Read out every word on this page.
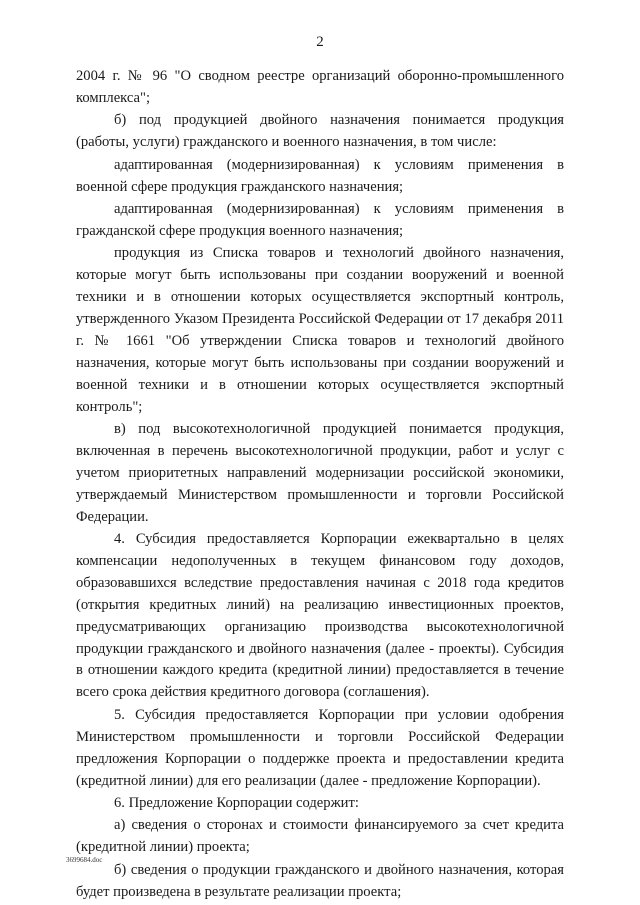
2

2004 г. № 96 "О сводном реестре организаций оборонно-промышленного комплекса";

б) под продукцией двойного назначения понимается продукция (работы, услуги) гражданского и военного назначения, в том числе:

адаптированная (модернизированная) к условиям применения в военной сфере продукция гражданского назначения;

адаптированная (модернизированная) к условиям применения в гражданской сфере продукция военного назначения;

продукция из Списка товаров и технологий двойного назначения, которые могут быть использованы при создании вооружений и военной техники и в отношении которых осуществляется экспортный контроль, утвержденного Указом Президента Российской Федерации от 17 декабря 2011 г. № 1661 "Об утверждении Списка товаров и технологий двойного назначения, которые могут быть использованы при создании вооружений и военной техники и в отношении которых осуществляется экспортный контроль";

в) под высокотехнологичной продукцией понимается продукция, включенная в перечень высокотехнологичной продукции, работ и услуг с учетом приоритетных направлений модернизации российской экономики, утверждаемый Министерством промышленности и торговли Российской Федерации.

4. Субсидия предоставляется Корпорации ежеквартально в целях компенсации недополученных в текущем финансовом году доходов, образовавшихся вследствие предоставления начиная с 2018 года кредитов (открытия кредитных линий) на реализацию инвестиционных проектов, предусматривающих организацию производства высокотехнологичной продукции гражданского и двойного назначения (далее - проекты). Субсидия в отношении каждого кредита (кредитной линии) предоставляется в течение всего срока действия кредитного договора (соглашения).

5. Субсидия предоставляется Корпорации при условии одобрения Министерством промышленности и торговли Российской Федерации предложения Корпорации о поддержке проекта и предоставлении кредита (кредитной линии) для его реализации (далее - предложение Корпорации).

6. Предложение Корпорации содержит:

а) сведения о сторонах и стоимости финансируемого за счет кредита (кредитной линии) проекта;

б) сведения о продукции гражданского и двойного назначения, которая будет произведена в результате реализации проекта;

3699684.doc
